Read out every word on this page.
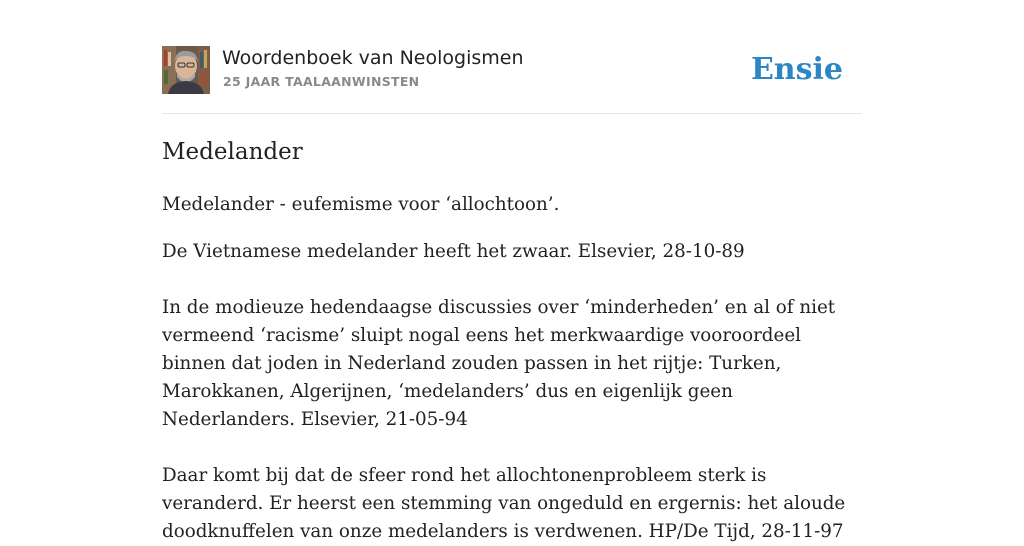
Woordenboek van Neologismen
25 JAAR TAALAANWINSTEN	Ensie
Medelander

Medelander - eufemisme voor ‘allochtoon’.

De Vietnamese medelander heeft het zwaar. Elsevier, 28-10-89

In de modieuze hedendaagse discussies over ‘minderheden’ en al of niet vermeend ‘racisme’ sluipt nogal eens het merkwaardige vooroordeel binnen dat joden in Nederland zouden passen in het rijtje: Turken, Marokkanen, Algerijnen, ‘medelanders’ dus en eigenlijk geen Nederlanders. Elsevier, 21-05-94

Daar komt bij dat de sfeer rond het allochtonenprobleem sterk is veranderd. Er heerst een stemming van ongeduld en ergernis: het aloude doodknuffelen van onze medelanders is verdwenen. HP/De Tijd, 28-11-97
